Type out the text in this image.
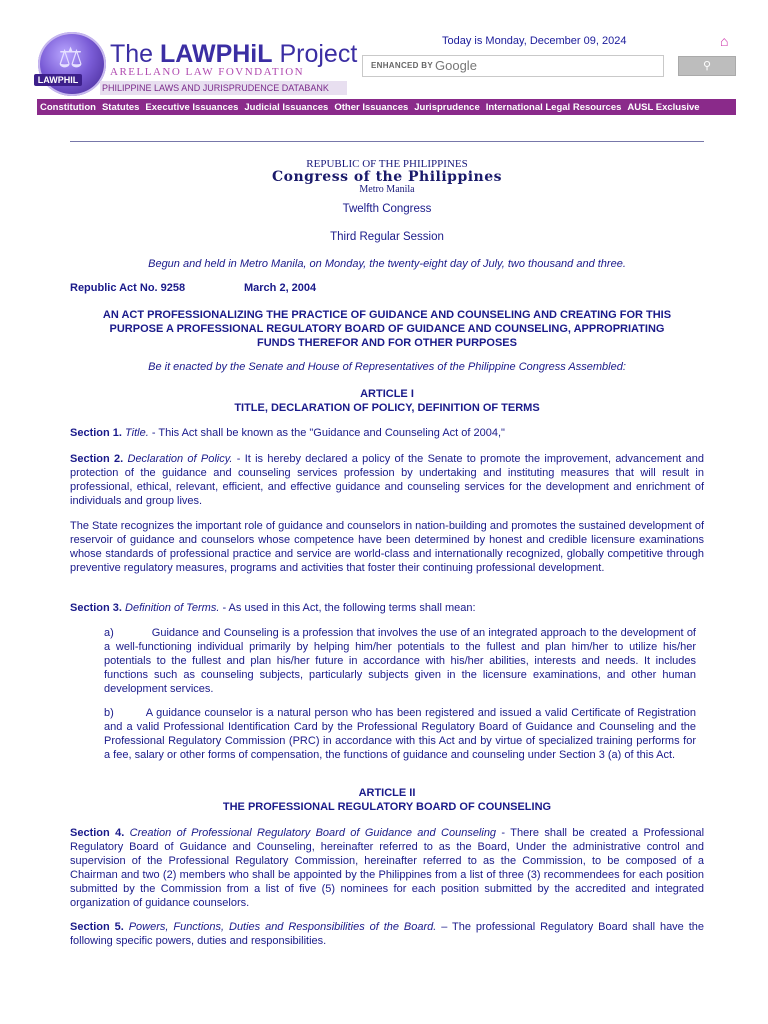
⚖
LAWPHIL
The LAWPHiL Project
ARELLANO LAW FOVNDATION
PHILIPPINE LAWS AND JURISPRUDENCE DATABANK
Today is Monday, December 09, 2024	⌂
ENHANCED BY Google	⚲
Constitution Statutes Executive Issuances Judicial Issuances Other Issuances Jurisprudence International Legal Resources AUSL Exclusive
REPUBLIC OF THE PHILIPPINES
Congress of the Philippines
Metro Manila
Twelfth Congress
Third Regular Session
Begun and held in Metro Manila, on Monday, the twenty-eight day of July, two thousand and three.
Republic Act No. 9258	March 2, 2004
AN ACT PROFESSIONALIZING THE PRACTICE OF GUIDANCE AND COUNSELING AND CREATING FOR THIS PURPOSE A PROFESSIONAL REGULATORY BOARD OF GUIDANCE AND COUNSELING, APPROPRIATING FUNDS THEREFOR AND FOR OTHER PURPOSES
Be it enacted by the Senate and House of Representatives of the Philippine Congress Assembled:
ARTICLE I
TITLE, DECLARATION OF POLICY, DEFINITION OF TERMS
Section 1. Title. - This Act shall be known as the "Guidance and Counseling Act of 2004,"
Section 2. Declaration of Policy. - It is hereby declared a policy of the Senate to promote the improvement, advancement and protection of the guidance and counseling services profession by undertaking and instituting measures that will result in professional, ethical, relevant, efficient, and effective guidance and counseling services for the development and enrichment of individuals and group lives.
The State recognizes the important role of guidance and counselors in nation-building and promotes the sustained development of reservoir of guidance and counselors whose competence have been determined by honest and credible licensure examinations whose standards of professional practice and service are world-class and internationally recognized, globally competitive through preventive regulatory measures, programs and activities that foster their continuing professional development.
Section 3. Definition of Terms. - As used in this Act, the following terms shall mean:
a)	Guidance and Counseling is a profession that involves the use of an integrated approach to the development of a well-functioning individual primarily by helping him/her potentials to the fullest and plan him/her to utilize his/her potentials to the fullest and plan his/her future in accordance with his/her abilities, interests and needs. It includes functions such as counseling subjects, particularly subjects given in the licensure examinations, and other human development services.
b)	A guidance counselor is a natural person who has been registered and issued a valid Certificate of Registration and a valid Professional Identification Card by the Professional Regulatory Board of Guidance and Counseling and the Professional Regulatory Commission (PRC) in accordance with this Act and by virtue of specialized training performs for a fee, salary or other forms of compensation, the functions of guidance and counseling under Section 3 (a) of this Act.
ARTICLE II
THE PROFESSIONAL REGULATORY BOARD OF COUNSELING
Section 4. Creation of Professional Regulatory Board of Guidance and Counseling - There shall be created a Professional Regulatory Board of Guidance and Counseling, hereinafter referred to as the Board, Under the administrative control and supervision of the Professional Regulatory Commission, hereinafter referred to as the Commission, to be composed of a Chairman and two (2) members who shall be appointed by the Philippines from a list of three (3) recommendees for each position submitted by the Commission from a list of five (5) nominees for each position submitted by the accredited and integrated organization of guidance counselors.
Section 5. Powers, Functions, Duties and Responsibilities of the Board. – The professional Regulatory Board shall have the following specific powers, duties and responsibilities.
